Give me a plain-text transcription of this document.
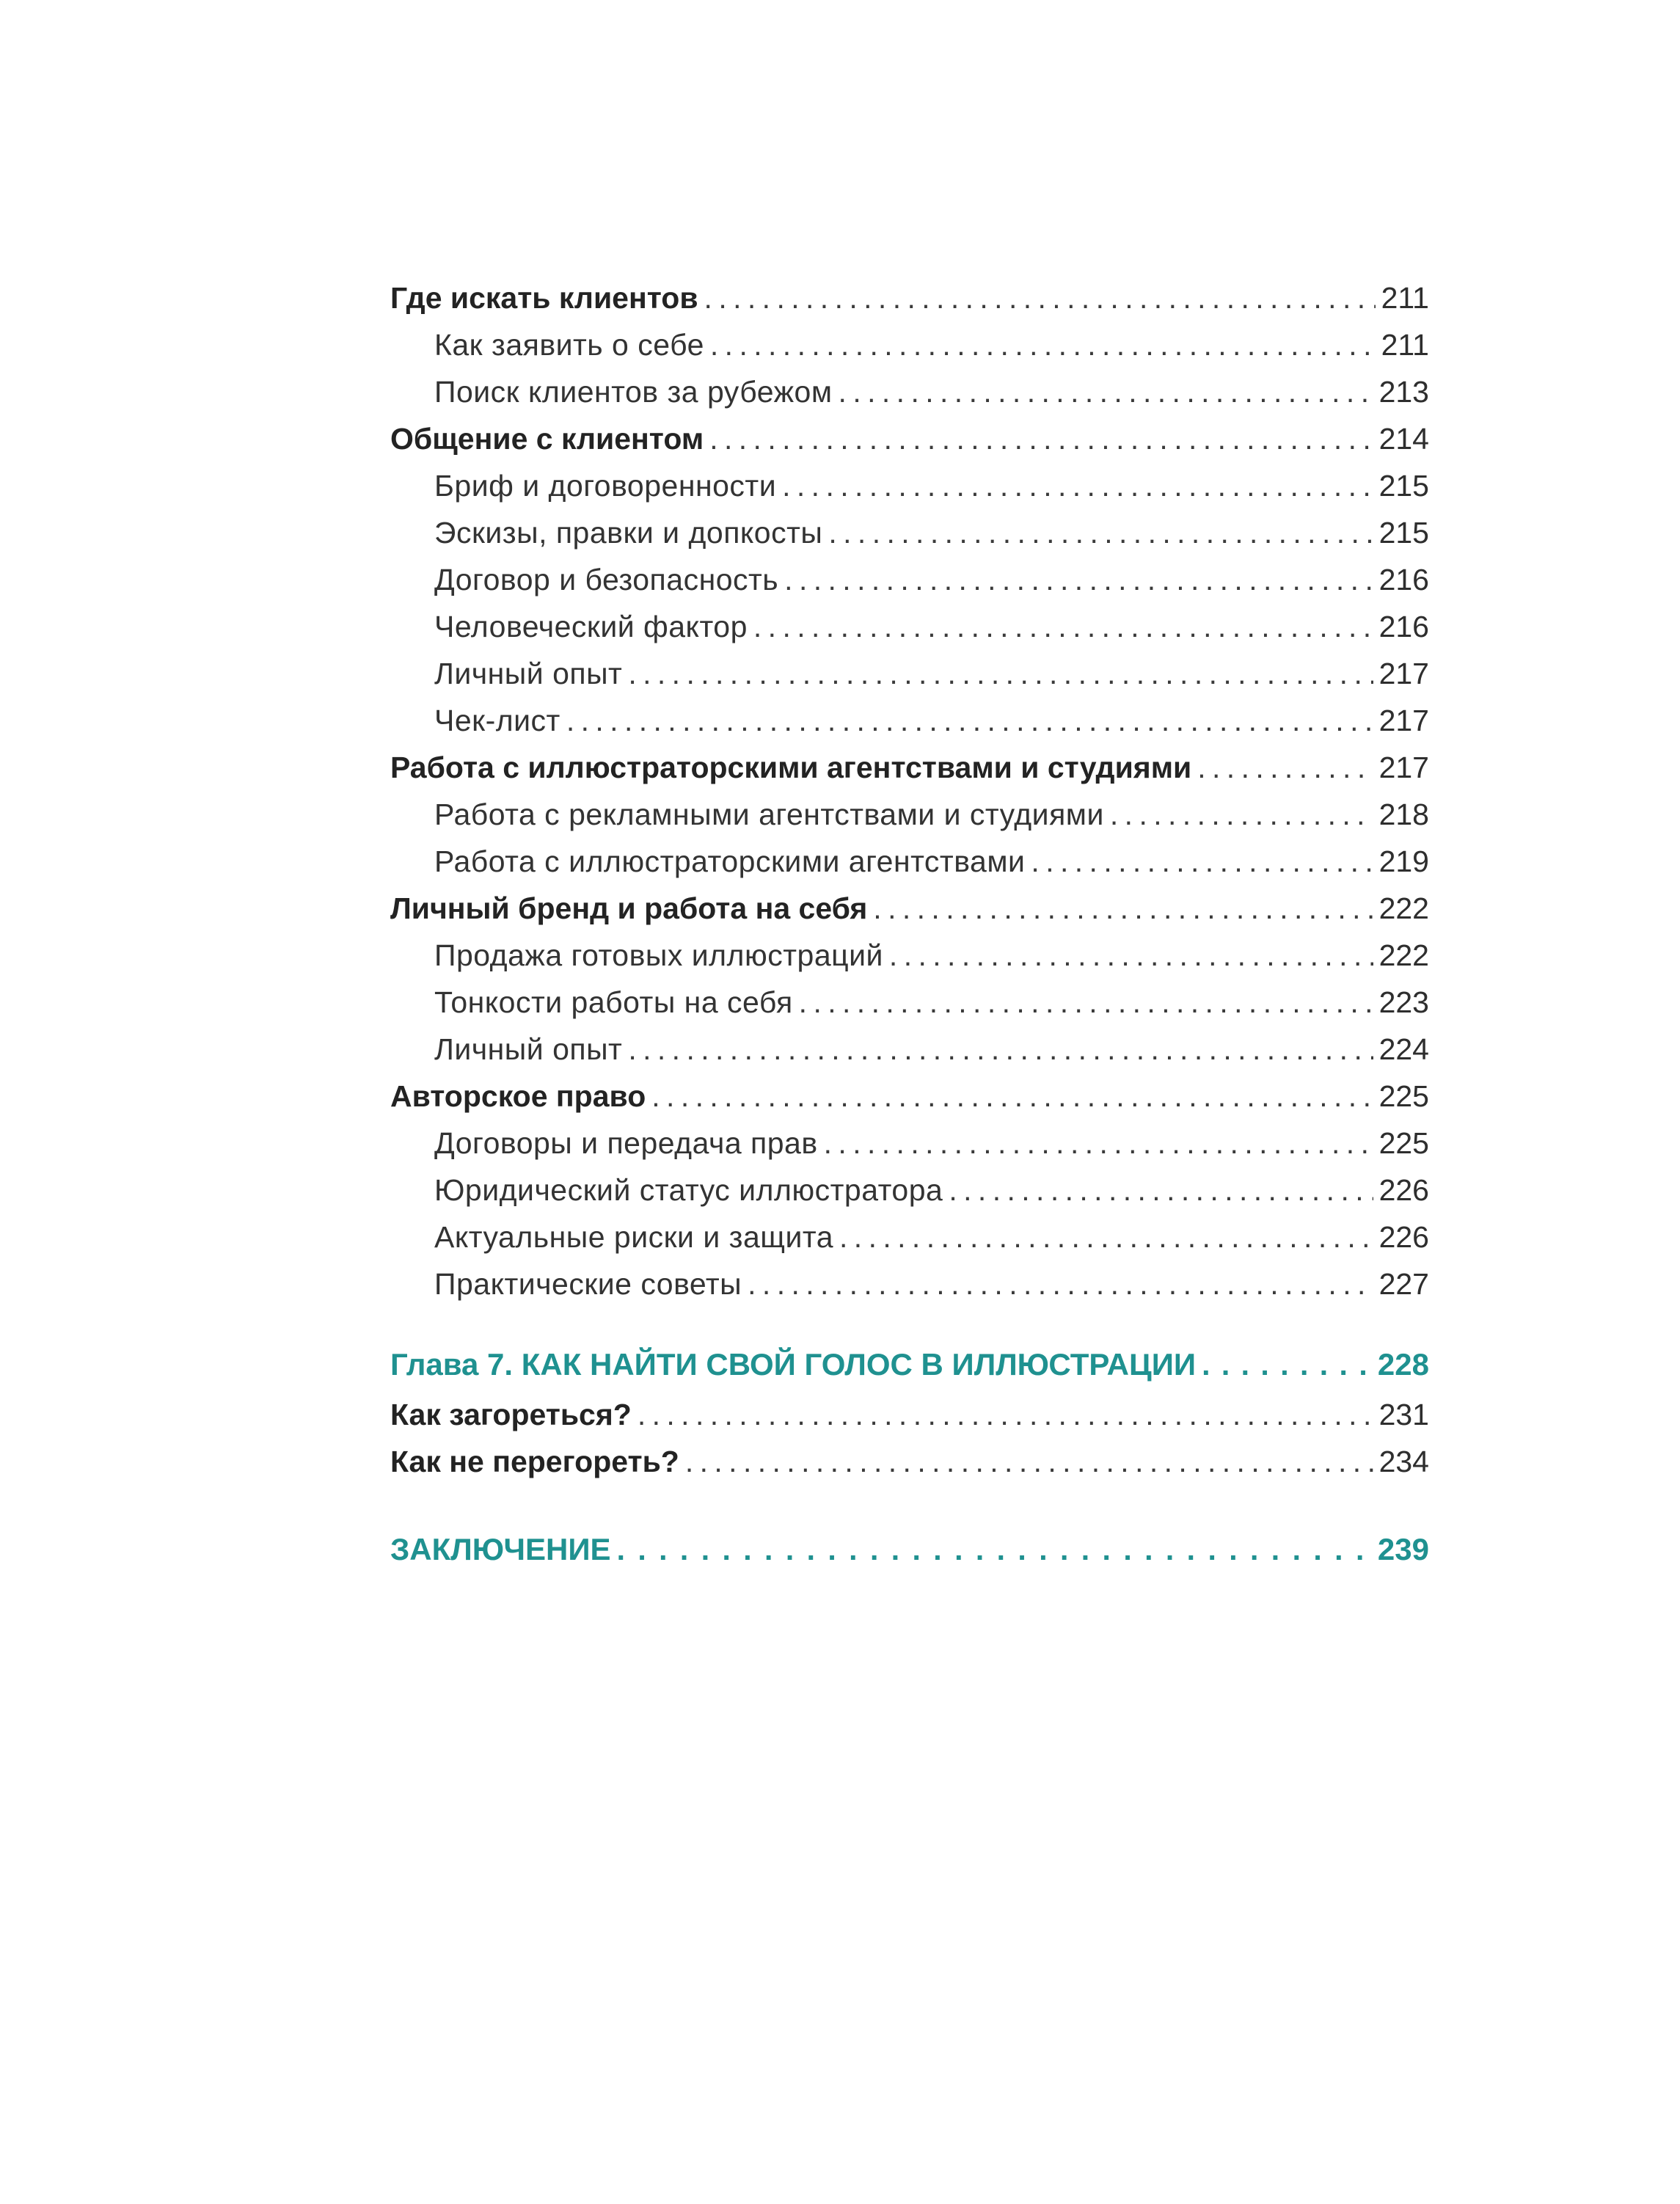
Где искать клиентов . . .	211
Как заявить о себе . . .	211
Поиск клиентов за рубежом . . .	213
Общение с клиентом . . .	214
Бриф и договоренности . . .	215
Эскизы, правки и допкосты . . .	215
Договор и безопасность . . .	216
Человеческий фактор . . .	216
Личный опыт . . .	217
Чек-лист . . .	217
Работа с иллюстраторскими агентствами и студиями . . .	217
Работа с рекламными агентствами и студиями . . .	218
Работа с иллюстраторскими агентствами . . .	219
Личный бренд и работа на себя . . .	222
Продажа готовых иллюстраций . . .	222
Тонкости работы на себя . . .	223
Личный опыт . . .	224
Авторское право . . .	225
Договоры и передача прав . . .	225
Юридический статус иллюстратора . . .	226
Актуальные риски и защита . . .	226
Практические советы . . .	227
Глава 7. КАК НАЙТИ СВОЙ ГОЛОС В ИЛЛЮСТРАЦИИ . . .	228
Как загореться? . . .	231
Как не перегореть? . . .	234
ЗАКЛЮЧЕНИЕ . . .	239
